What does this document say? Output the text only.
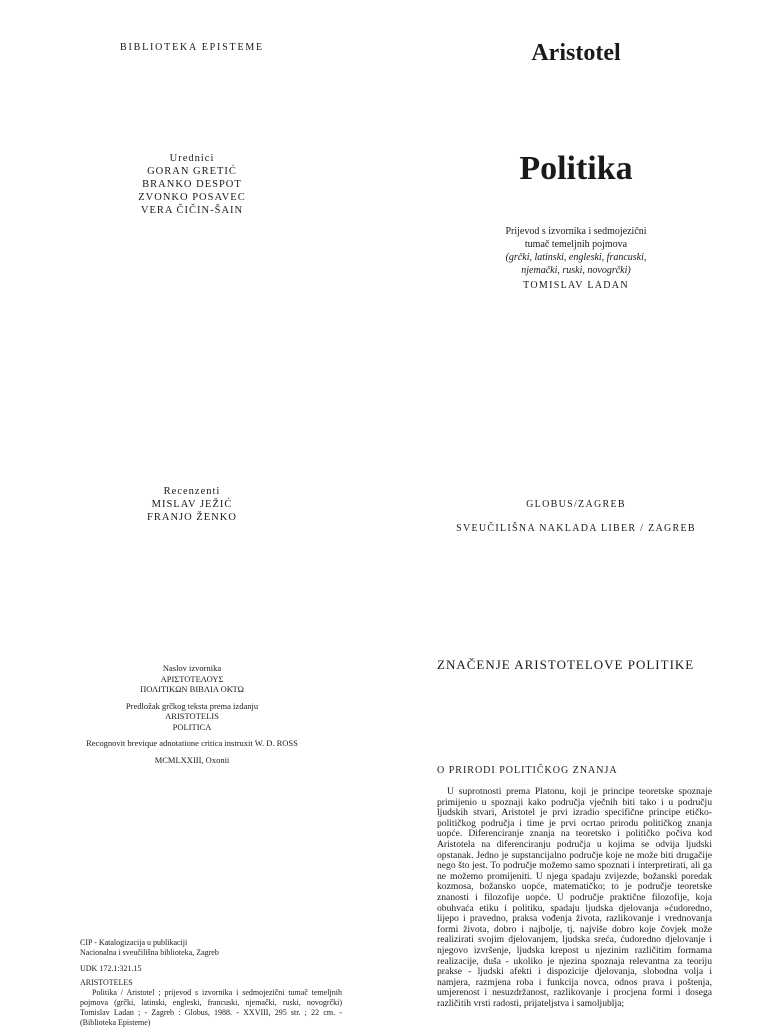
BIBLIOTEKA EPISTEME
Urednici
GORAN GRETIĆ
BRANKO DESPOT
ZVONKO POSAVEC
VERA ČIČIN-ŠAIN
Recenzenti
MISLAV JEŽIĆ
FRANJO ŽENKO
Naslov izvornika
ΑΡΙΣΤΟΤΕΛΟΥΣ
ΠΟΛΙΤΙΚΩΝ ΒΙΒΛΙΑ ΟΚΤΩ
Predložak grčkog teksta prema izdanju
ARISTOTELIS
POLITICA
Recognovit brevique adnotatione critica instruxit W. D. ROSS
MCMLXXIII, Oxonii
CIP - Katalogizacija u publikaciji
Nacionalna i sveučilišna biblioteka, Zagreb
UDK 172.1:321.15
ARISTOTELES
Politika / Aristotel ; prijevod s izvornika i sedmojezični tumač temeljnih pojmova (grčki, latinski, engleski, francuski, njemački, ruski, novogrčki) Tomislav Ladan ; - Zagreb : Globus, 1988. - XXVIII, 295 str. ; 22 cm. - (Biblioteka Episteme)
Aristotel
Politika
Prijevod s izvornika i sedmojezični
tumač temeljnih pojmova
(grčki, latinski, engleski, francuski,
njemački, ruski, novogrčki)
TOMISLAV LADAN
GLOBUS/ZAGREB
SVEUČILIŠNA NAKLADA LIBER / ZAGREB
ZNAČENJE ARISTOTELOVE POLITIKE
O PRIRODI POLITIČKOG ZNANJA
U suprotnosti prema Platonu, koji je principe teoretske spoznaje primijenio u spoznaji kako područja vječnih biti tako i u području ljudskih stvari, Aristotel je prvi izradio specifične principe etičko-političkog područja i time je prvi ocrtao prirodu političkog znanja uopće. Diferenciranje znanja na teoretsko i političko počiva kod Aristotela na diferenciranju područja u kojima se odvija ljudski opstanak. Jedno je supstancijalno područje koje ne može biti drugačije nego što jest. To područje možemo samo spoznati i interpretirati, ali ga ne možemo promijeniti. U njega spadaju zvijezde, božanski poredak kozmosa, božansko uopće, matematičko; to je područje teoretske znanosti i filozofije uopće. U područje praktične filozofije, koja obuhvaća etiku i politiku, spadaju ljudska djelovanja »ćudoredno, lijepo i pravedno, praksa vođenja života, razlikovanje i vrednovanja formi života, dobro i najbolje, tj. najviše dobro koje čovjek može realizirati svojim djelovanjem, ljudska sreća, ćudoredno djelovanje i njegovo izvršenje, ljudska krepost u njezinim različitim formama realizacije, duša - ukoliko je njezina spoznaja relevantna za teoriju prakse - ljudski afekti i dispozicije djelovanja, slobodna volja i namjera, razmjena roba i funkcija novca, odnos prava i poštenja, umjerenost i nesuzdržanost, razlikovanje i procjena formi i dosega različitih vrsti radosti, prijateljstva i samoljublja;
